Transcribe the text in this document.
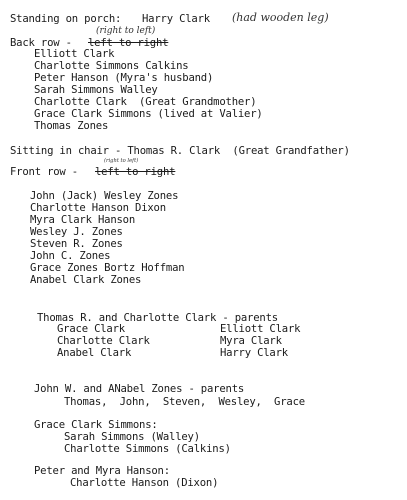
Standing on porch: Harry Clark (had wooden leg)
Back row - left to right
(right to left)
Elliott Clark
Charlotte Simmons Calkins
Peter Hanson (Myra's husband)
Sarah Simmons Walley
Charlotte Clark  (Great Grandmother)
Grace Clark Simmons (lived at Valier)
Thomas Zones
Sitting in chair - Thomas R. Clark  (Great Grandfather)
Front row - left to right
(right to left)
John (Jack) Wesley Zones
Charlotte Hanson Dixon
Myra Clark Hanson
Wesley J. Zones
Steven R. Zones
John C. Zones
Grace Zones Bortz Hoffman
Anabel Clark Zones
Thomas R. and Charlotte Clark - parents
Grace Clark
Charlotte Clark
Anabel Clark
Elliott Clark
Myra Clark
Harry Clark
John W. and ANabel Zones - parents
Thomas,  John,  Steven,  Wesley,  Grace
Grace Clark Simmons:
Sarah Simmons (Walley)
Charlotte Simmons (Calkins)
Peter and Myra Hanson:
Charlotte Hanson (Dixon)
